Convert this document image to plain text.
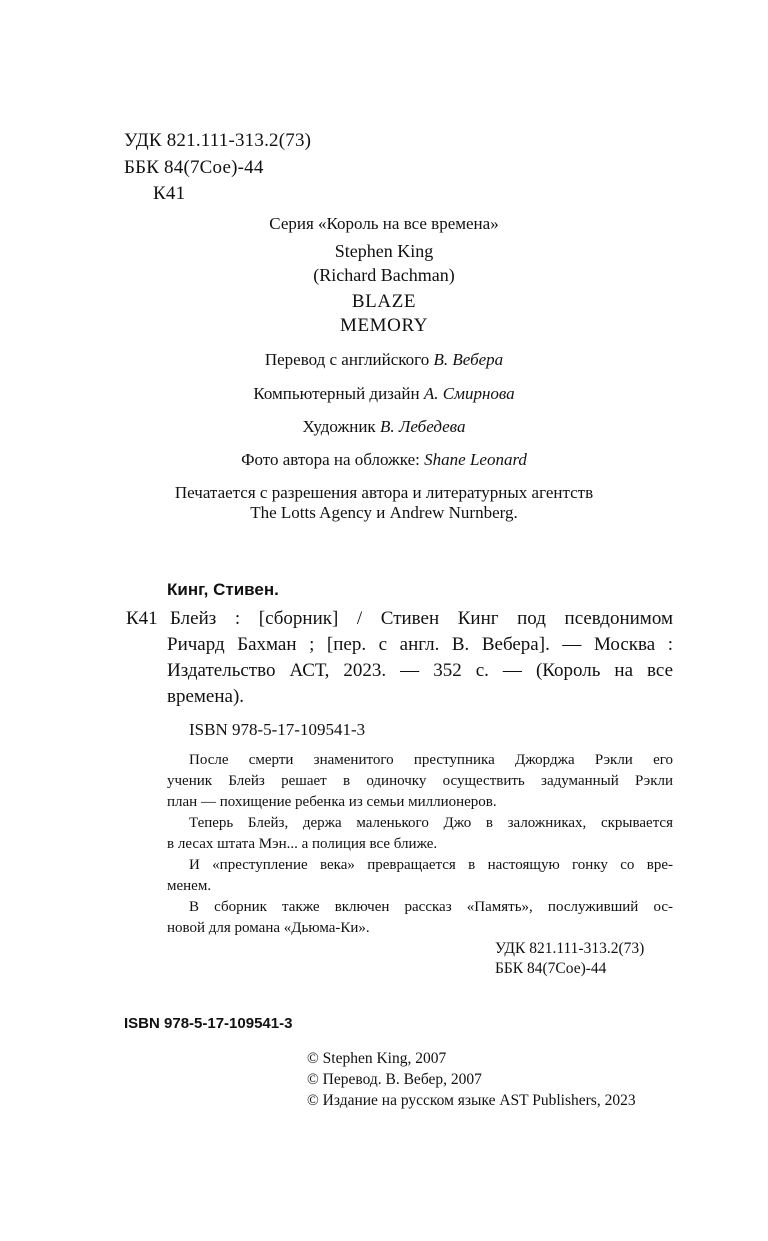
УДК 821.111-313.2(73)
ББК 84(7Сое)-44
К41
Серия «Король на все времена»
Stephen King
(Richard Bachman)
BLAZE
MEMORY
Перевод с английского В. Вебера
Компьютерный дизайн А. Смирнова
Художник В. Лебедева
Фото автора на обложке: Shane Leonard
Печатается с разрешения автора и литературных агентств
The Lotts Agency и Andrew Nurnberg.
Кинг, Стивен.
К41 Блейз : [сборник] / Стивен Кинг под псевдонимом
Ричард Бахман ; [пер. с англ. В. Вебера]. — Москва :
Издательство АСТ, 2023. — 352 с. — (Король на все
времена).
ISBN 978-5-17-109541-3
После смерти знаменитого преступника Джорджа Рэкли его
ученик Блейз решает в одиночку осуществить задуманный Рэкли
план — похищение ребенка из семьи миллионеров.
Теперь Блейз, держа маленького Джо в заложниках, скрывается
в лесах штата Мэн... а полиция все ближе.
И «преступление века» превращается в настоящую гонку со вре-
менем.
В сборник также включен рассказ «Память», послуживший ос-
новой для романа «Дьюма-Ки».
УДК 821.111-313.2(73)
ББК 84(7Сое)-44
ISBN 978-5-17-109541-3
© Stephen King, 2007
© Перевод. В. Вебер, 2007
© Издание на русском языке AST Publishers, 2023
